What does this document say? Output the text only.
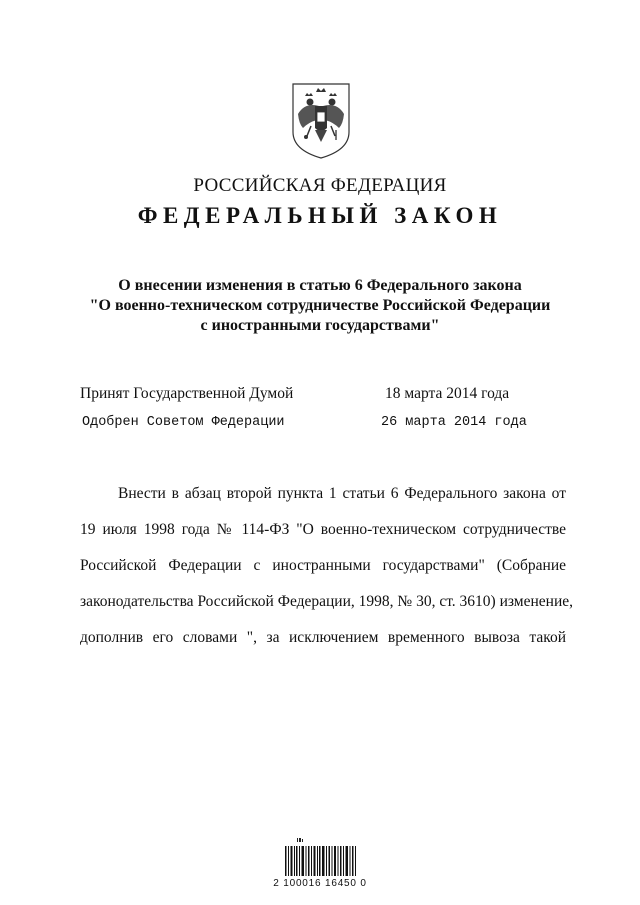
РОССИЙСКАЯ ФЕДЕРАЦИЯ
ФЕДЕРАЛЬНЫЙ ЗАКОН
О внесении изменения в статью 6 Федерального закона
"О военно-техническом сотрудничестве Российской Федерации
с иностранными государствами"
Принят Государственной Думой	18 марта 2014 года
Одобрен Советом Федерации	26 марта 2014 года
Внести в абзац второй пункта 1 статьи 6 Федерального закона от
19 июля 1998 года № 114-ФЗ "О военно-техническом сотрудничестве
Российской Федерации с иностранными государствами" (Собрание
законодательства Российской Федерации, 1998, № 30, ст. 3610) изменение,
дополнив его словами ", за исключением временного вывоза такой
2 100016 16450 0
